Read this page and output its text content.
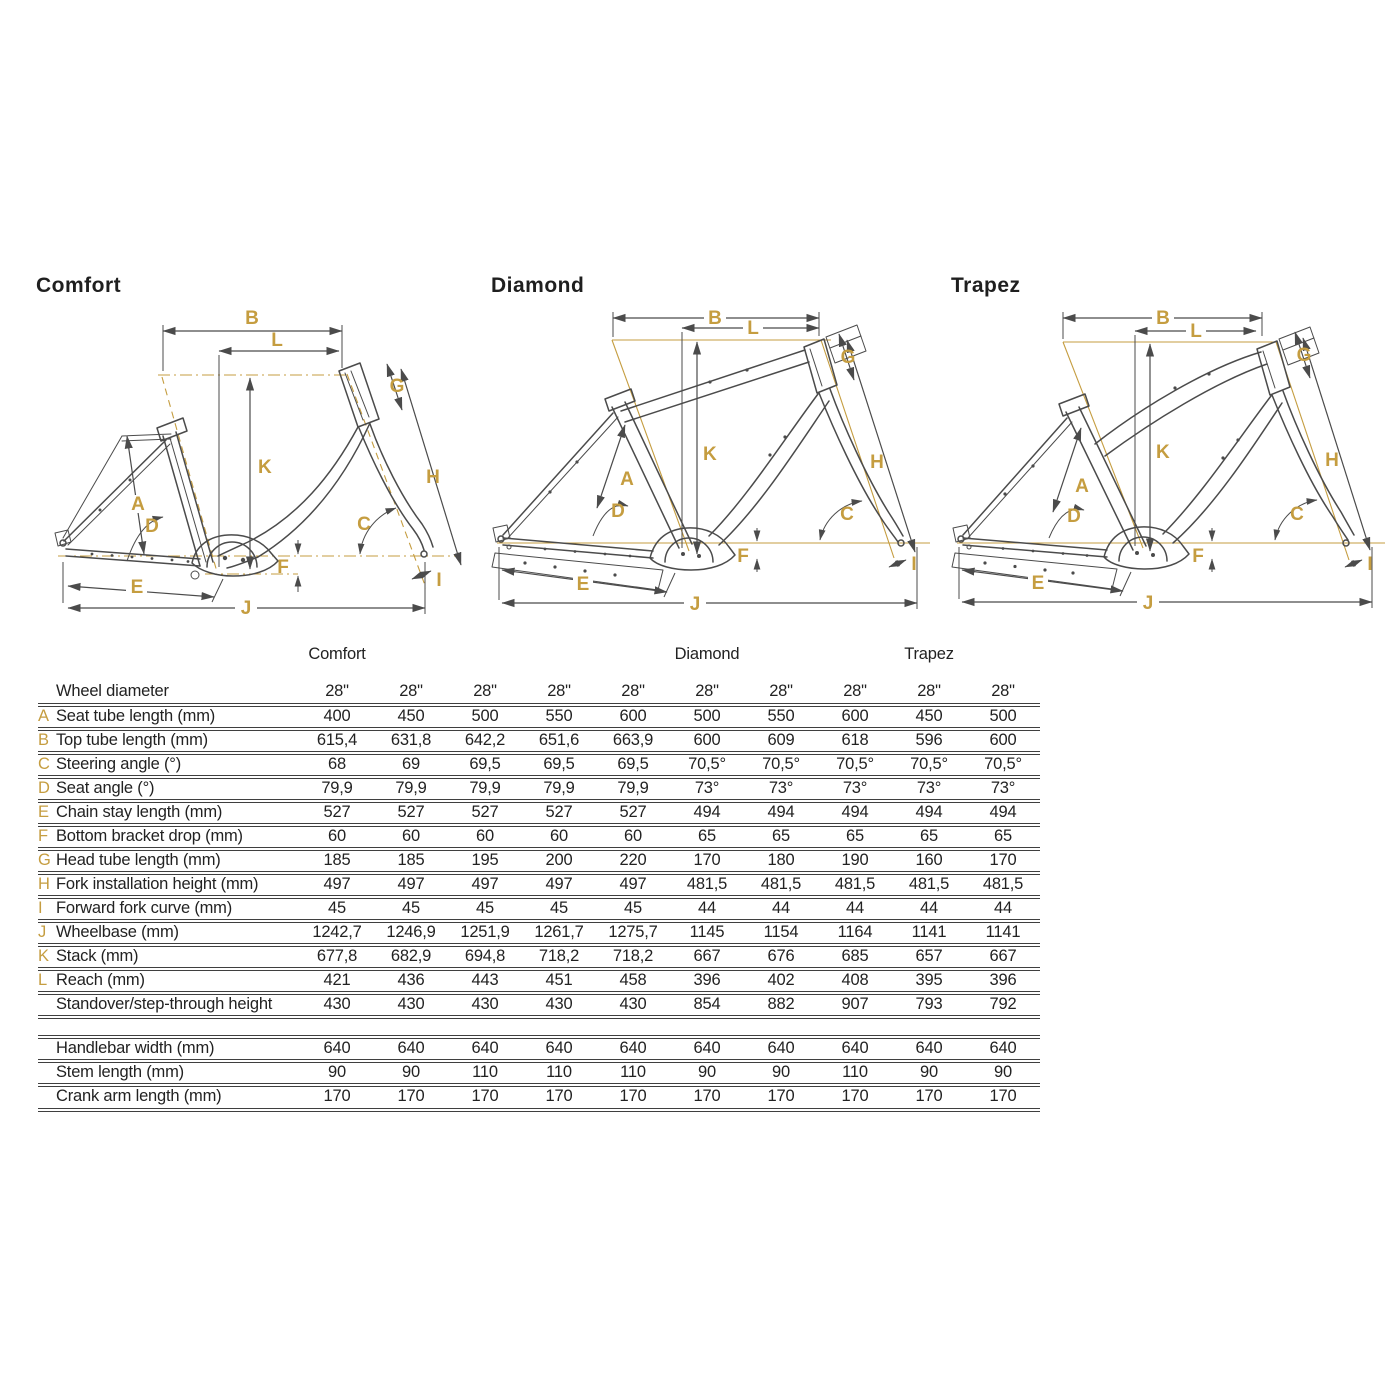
Comfort
B
L
A
D
K
E
J
F
G
H
C
I
Diamond
B L
K
A
D	C
H
G
F
E
J
I
Trapez
B
L
K
A
D	C
H
G
F
E
J
I
Comfort	Diamond	Trapez
Wheel diameter	28"	28"	28"	28"	28"	28"	28"	28"	28"	28"
A Seat tube length (mm)	400	450	500	550	600	500	550	600	450	500
B Top tube length (mm)	615,4	631,8	642,2	651,6	663,9	600	609	618	596	600
C Steering angle (°)	68	69	69,5	69,5	69,5	70,5°	70,5°	70,5°	70,5°	70,5°
D Seat angle (°)	79,9	79,9	79,9	79,9	79,9	73°	73°	73°	73°	73°
E Chain stay length (mm)	527	527	527	527	527	494	494	494	494	494
F Bottom bracket drop (mm)	60	60	60	60	60	65	65	65	65	65
G Head tube length (mm)	185	185	195	200	220	170	180	190	160	170
H Fork installation height (mm)	497	497	497	497	497	481,5	481,5	481,5	481,5	481,5
I Forward fork curve (mm)	45	45	45	45	45	44	44	44	44	44
J Wheelbase (mm)	1242,7	1246,9	1251,9	1261,7	1275,7	1145	1154	1164	1141	1141
K Stack (mm)	677,8	682,9	694,8	718,2	718,2	667	676	685	657	667
L Reach (mm)	421	436	443	451	458	396	402	408	395	396
Standover/step-through height	430	430	430	430	430	854	882	907	793	792
Handlebar width (mm)	640	640	640	640	640	640	640	640	640	640
Stem length (mm)	90	90	110	110	110	90	90	110	90	90
Crank arm length (mm)	170	170	170	170	170	170	170	170	170	170
